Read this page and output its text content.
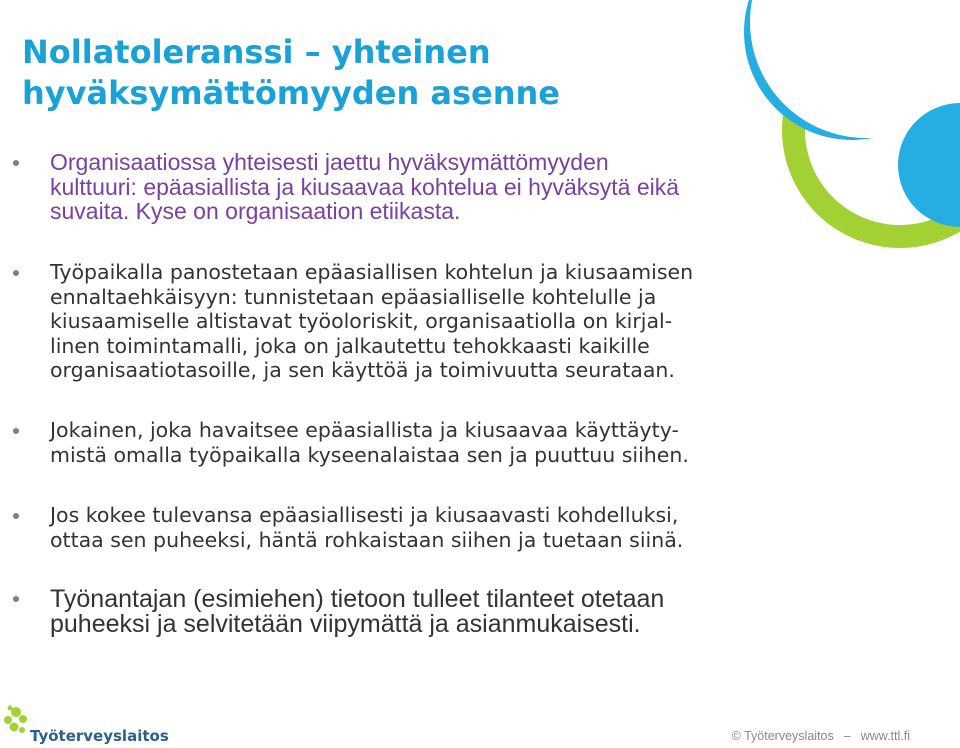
Nollatoleranssi – yhteinen
hyväksymättömyyden asenne
Organisaatiossa yhteisesti jaettu hyväksymättömyyden
kulttuuri: epäasiallista ja kiusaavaa kohtelua ei hyväksytä eikä
suvaita. Kyse on organisaation etiikasta.
Työpaikalla panostetaan epäasiallisen kohtelun ja kiusaamisen
ennaltaehkäisyyn: tunnistetaan epäasialliselle kohtelulle ja
kiusaamiselle altistavat työoloriskit, organisaatiolla on kirjal-
linen toimintamalli, joka on jalkautettu tehokkaasti kaikille
organisaatiotasoille, ja sen käyttöä ja toimivuutta seurataan.
Jokainen, joka havaitsee epäasiallista ja kiusaavaa käyttäyty-
mistä omalla työpaikalla kyseenalaistaa sen ja puuttuu siihen.
Jos kokee tulevansa epäasiallisesti ja kiusaavasti kohdelluksi,
ottaa sen puheeksi, häntä rohkaistaan siihen ja tuetaan siinä.
Työnantajan (esimiehen) tietoon tulleet tilanteet otetaan
puheeksi ja selvitetään viipymättä ja asianmukaisesti.
Työterveyslaitos	© Työterveyslaitos – www.ttl.fi
